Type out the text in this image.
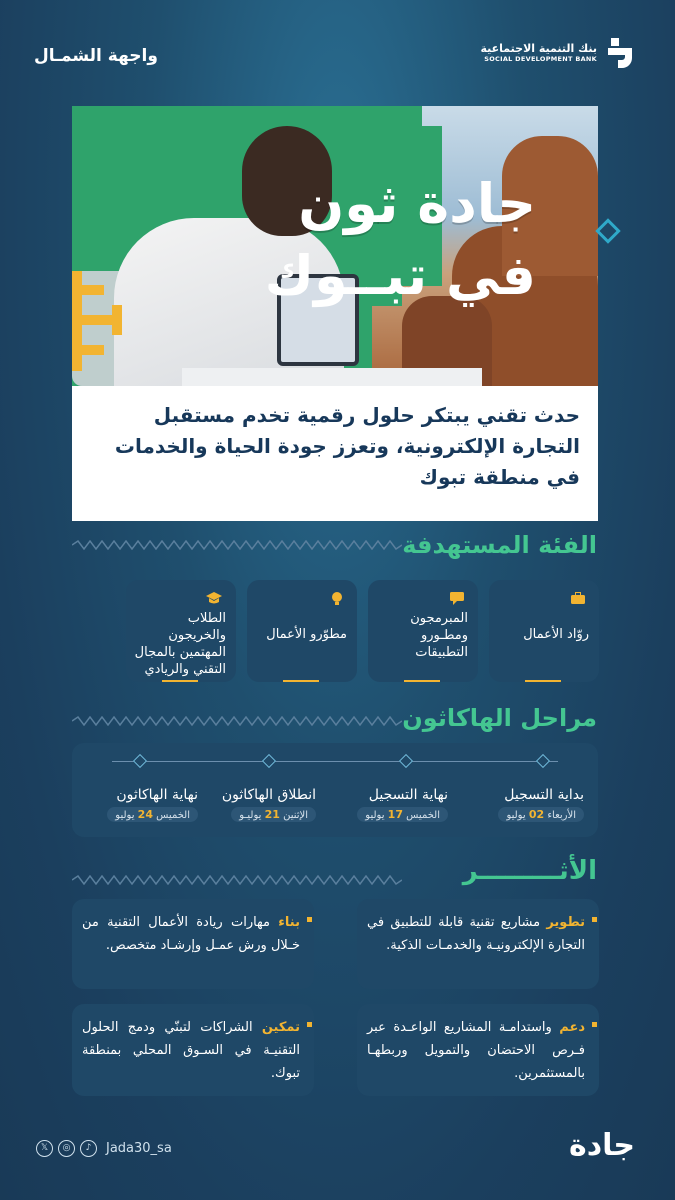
واجهة الشمـال	بنك التنمية الاجتماعية
SOCIAL DEVELOPMENT BANK
جادة ثون
في تبــوك
حدث تقني يبتكر حلول رقمية تخدم مستقبل التجارة الإلكترونية، وتعزز جودة الحياة والخدمات في منطقة تبوك
الفئة المستهدفة
روّاد الأعمال
المبرمجون ومطـورو التطبيقات
مطوّرو الأعمال
الطلاب والخريجون المهتمين بالمجال التقني والريادي
مراحل الهاكاثون
بداية التسجيل
الأربعاء 02 يوليو
نهاية التسجيل
الخميس 17 يوليو
انطلاق الهاكاثون
الإثنين 21 يوليـو
نهاية الهاكاثون
الخميس 24 يوليو
الأثـــــــــر
تطوير مشاريع تقنية قابلة للتطبيق في التجارة الإلكترونيـة والخدمـات الذكية.
بناء مهارات ريادة الأعمال التقنية من خـلال ورش عمـل وإرشـاد متخصص.
دعم واستدامـة المشاريع الواعـدة عبر فـرص الاحتضان والتمويل وربطهـا بالمستثمرين.
تمكين الشراكات لتبنّي ودمج الحلول التقنيـة في السـوق المحلي بمنطقة تبوك.
𝕏	◎	♪	Jada30_sa	جادة
